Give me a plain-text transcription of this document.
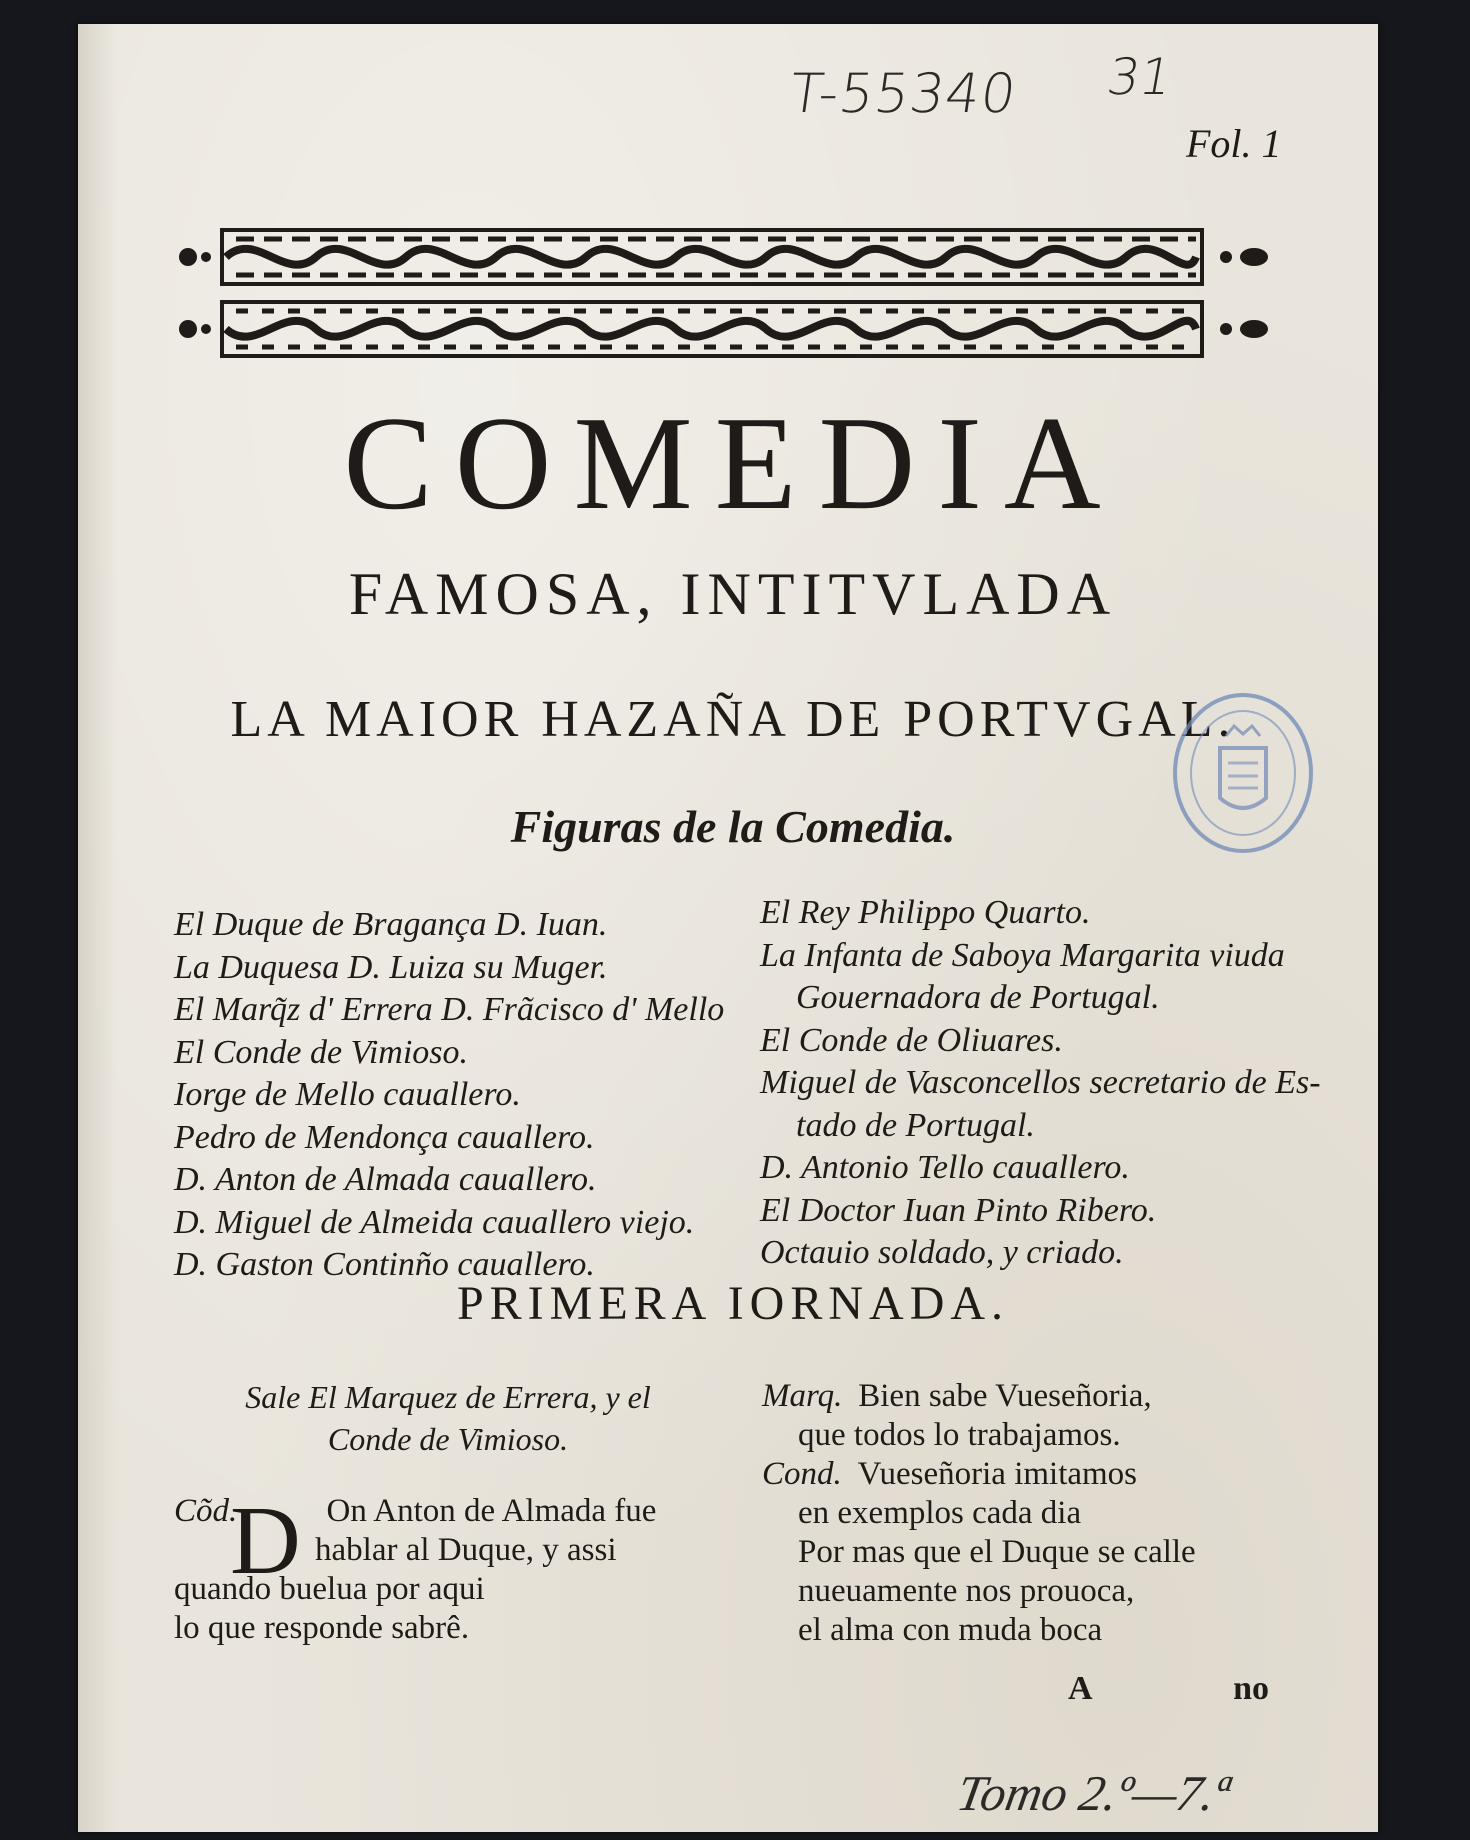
T-55340 31
Fol. 1
COMEDIA
FAMOSA, INTITVLADA
LA MAIOR HAZAÑA DE PORTVGAL.
Figuras de la Comedia.
El Duque de Bragança D. Iuan.
La Duquesa D. Luiza su Muger.
El Marq̃z d' Errera D. Frãcisco d' Mello
El Conde de Vimioso.
Iorge de Mello cauallero.
Pedro de Mendonça cauallero.
D. Anton de Almada cauallero.
D. Miguel de Almeida cauallero viejo.
D. Gaston Continño cauallero.
El Rey Philippo Quarto.
La Infanta de Saboya Margarita viuda
Gouernadora de Portugal.
El Conde de Oliuares.
Miguel de Vasconcellos secretario de Es-
tado de Portugal.
D. Antonio Tello cauallero.
El Doctor Iuan Pinto Ribero.
Octauio soldado, y criado.
PRIMERA IORNADA.
Sale El Marquez de Errera, y el
Conde de Vimioso.
Cõd.	On Anton de Almada fue
hablar al Duque, y assi
quando buelua por aqui
lo que responde sabrê.
D
Marq. Bien sabe Vueseñoria,
que todos lo trabajamos.
Cond. Vueseñoria imitamos
en exemplos cada dia
Por mas que el Duque se calle
nueuamente nos prouoca,
el alma con muda boca
A	no
Tomo 2.º—7.ª
